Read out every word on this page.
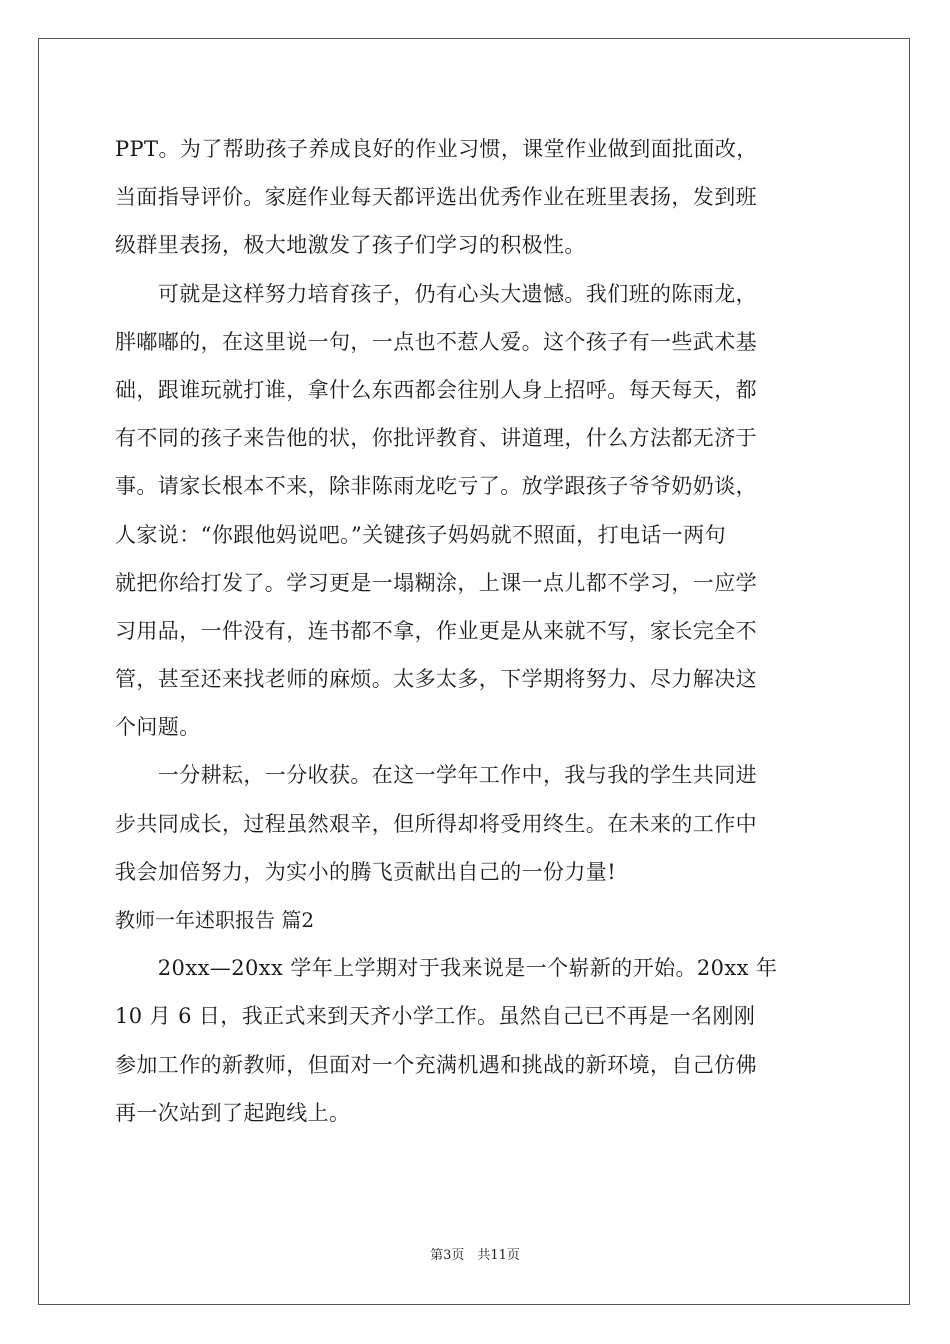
PPT。为了帮助孩子养成良好的作业习惯，课堂作业做到面批面改，
当面指导评价。家庭作业每天都评选出优秀作业在班里表扬，发到班
级群里表扬，极大地激发了孩子们学习的积极性。
　　可就是这样努力培育孩子，仍有心头大遗憾。我们班的陈雨龙，
胖嘟嘟的，在这里说一句，一点也不惹人爱。这个孩子有一些武术基
础，跟谁玩就打谁，拿什么东西都会往别人身上招呼。每天每天，都
有不同的孩子来告他的状，你批评教育、讲道理，什么方法都无济于
事。请家长根本不来，除非陈雨龙吃亏了。放学跟孩子爷爷奶奶谈，
人家说：“你跟他妈说吧。”关键孩子妈妈就不照面，打电话一两句
就把你给打发了。学习更是一塌糊涂，上课一点儿都不学习，一应学
习用品，一件没有，连书都不拿，作业更是从来就不写，家长完全不
管，甚至还来找老师的麻烦。太多太多，下学期将努力、尽力解决这
个问题。
　　一分耕耘，一分收获。在这一学年工作中，我与我的学生共同进
步共同成长，过程虽然艰辛，但所得却将受用终生。在未来的工作中
我会加倍努力，为实小的腾飞贡献出自己的一份力量!
教师一年述职报告 篇2
　　20xx—20xx 学年上学期对于我来说是一个崭新的开始。20xx 年
10 月 6 日，我正式来到天齐小学工作。虽然自己已不再是一名刚刚
参加工作的新教师，但面对一个充满机遇和挑战的新环境，自己仿佛
再一次站到了起跑线上。
第3页　共11页
